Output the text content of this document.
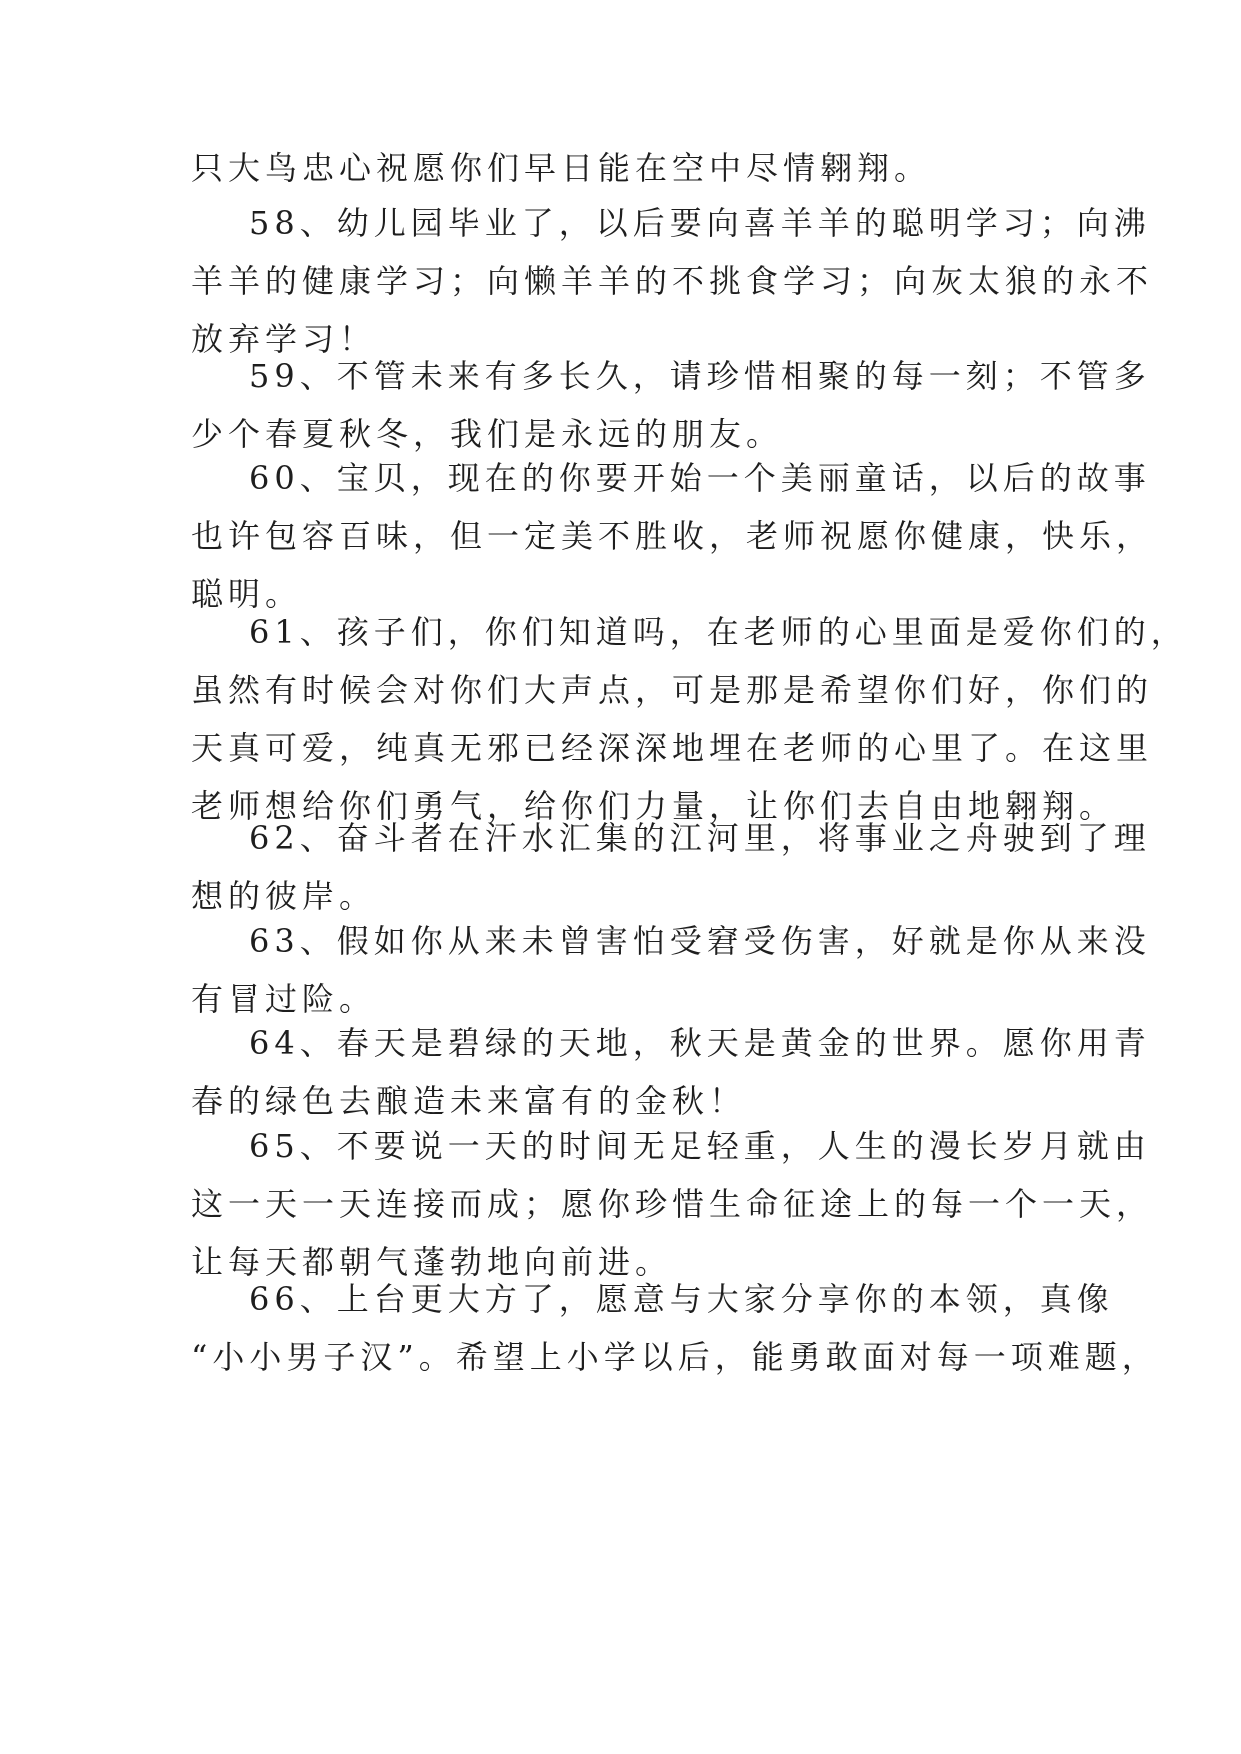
只大鸟忠心祝愿你们早日能在空中尽情翱翔。

58、幼儿园毕业了，以后要向喜羊羊的聪明学习；向沸
羊羊的健康学习；向懒羊羊的不挑食学习；向灰太狼的永不
放弃学习！

59、不管未来有多长久，请珍惜相聚的每一刻；不管多
少个春夏秋冬，我们是永远的朋友。

60、宝贝，现在的你要开始一个美丽童话，以后的故事
也许包容百味，但一定美不胜收，老师祝愿你健康，快乐，
聪明。

61、孩子们，你们知道吗，在老师的心里面是爱你们的，
虽然有时候会对你们大声点，可是那是希望你们好，你们的
天真可爱，纯真无邪已经深深地埋在老师的心里了。在这里
老师想给你们勇气，给你们力量，让你们去自由地翱翔。

62、奋斗者在汗水汇集的江河里，将事业之舟驶到了理
想的彼岸。

63、假如你从来未曾害怕受窘受伤害，好就是你从来没
有冒过险。

64、春天是碧绿的天地，秋天是黄金的世界。愿你用青
春的绿色去酿造未来富有的金秋！

65、不要说一天的时间无足轻重，人生的漫长岁月就由
这一天一天连接而成；愿你珍惜生命征途上的每一个一天，
让每天都朝气蓬勃地向前进。

66、上台更大方了，愿意与大家分享你的本领，真像
“小小男子汉”。希望上小学以后，能勇敢面对每一项难题，
